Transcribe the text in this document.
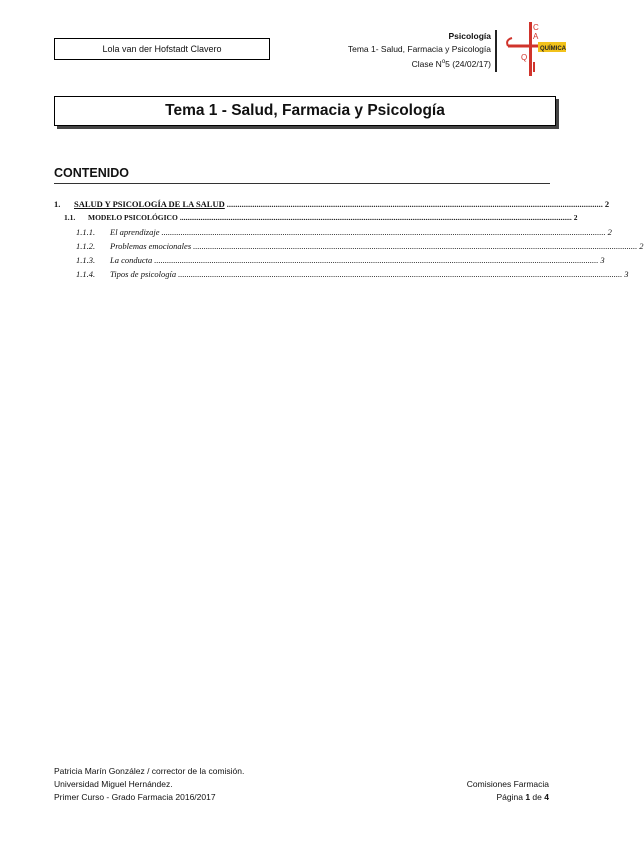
Lola van der Hofstadt Clavero
Psicología
Tema 1- Salud, Farmacia y Psicología
Clase $N^o5$ (24/02/17)
QUÍMICA
C
A
Q
Tema 1 - Salud, Farmacia y Psicología
CONTENIDO
1.	SALUD Y PSICOLOGÍA DE LA SALUD ................................................................................................................................................................................. 2
1.1.	MODELO PSICOLÓGICO ................................................................................................................................................................................................................. 2
1.1.1.	El aprendizaje ................................................................................................................................................................................................................. 2
1.1.2.	Problemas emocionales ................................................................................................................................................................................................................. 2
1.1.3.	La conducta ................................................................................................................................................................................................................. 3
1.1.4.	Tipos de psicología ................................................................................................................................................................................................................. 3
Patricia Marín González / corrector de la comisión.
Universidad Miguel Hernández.
Primer Curso - Grado Farmacia 2016/2017
Comisiones Farmacia
Página 1 de 4
